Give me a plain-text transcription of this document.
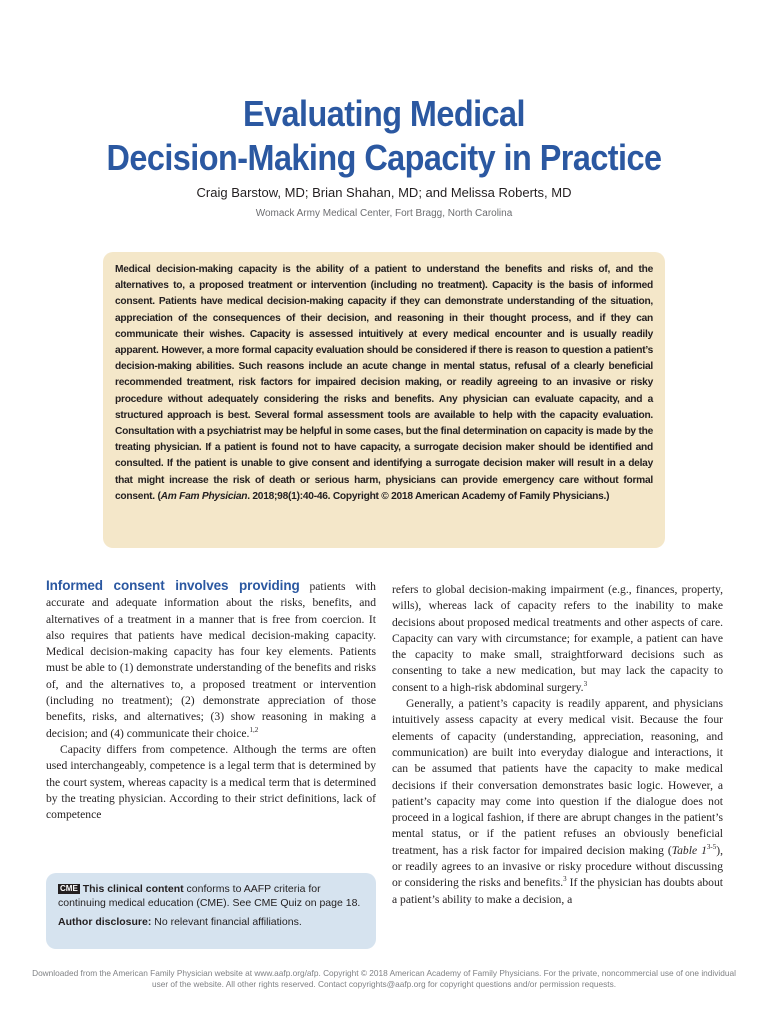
Evaluating Medical
Decision-Making Capacity in Practice
Craig Barstow, MD; Brian Shahan, MD; and Melissa Roberts, MD
Womack Army Medical Center, Fort Bragg, North Carolina

Medical decision-making capacity is the ability of a patient to understand the benefits and risks of, and the alternatives to, a proposed treatment or intervention (including no treatment). Capacity is the basis of informed consent. Patients have medical decision-making capacity if they can demonstrate understanding of the situation, appreciation of the consequences of their decision, and reasoning in their thought process, and if they can communicate their wishes. Capacity is assessed intuitively at every medical encounter and is usually readily apparent. However, a more formal capacity evaluation should be considered if there is reason to question a patient’s decision-making abilities. Such reasons include an acute change in mental status, refusal of a clearly beneficial recommended treatment, risk factors for impaired decision making, or readily agreeing to an invasive or risky procedure without adequately considering the risks and benefits. Any physician can evaluate capacity, and a structured approach is best. Several formal assessment tools are available to help with the capacity evaluation. Consultation with a psychiatrist may be helpful in some cases, but the final determination on capacity is made by the treating physician. If a patient is found not to have capacity, a surrogate decision maker should be identified and consulted. If the patient is unable to give consent and identifying a surrogate decision maker will result in a delay that might increase the risk of death or serious harm, physicians can provide emergency care without formal consent. (Am Fam Physician. 2018;98(1):40-46. Copyright © 2018 American Academy of Family Physicians.)

Informed consent involves providing patients with accurate and adequate information about the risks, benefits, and alternatives of a treatment in a manner that is free from coercion. It also requires that patients have medical decision-making capacity. Medical decision-making capacity has four key elements. Patients must be able to (1) demonstrate understanding of the benefits and risks of, and the alternatives to, a proposed treatment or intervention (including no treatment); (2) demonstrate appreciation of those benefits, risks, and alternatives; (3) show reasoning in making a decision; and (4) communicate their choice.$^{1,2}$

Capacity differs from competence. Although the terms are often used interchangeably, competence is a legal term that is determined by the court system, whereas capacity is a medical term that is determined by the treating physician. According to their strict definitions, lack of competence

refers to global decision-making impairment (e.g., finances, property, wills), whereas lack of capacity refers to the inability to make decisions about proposed medical treatments and other aspects of care. Capacity can vary with circumstance; for example, a patient can have the capacity to make small, straightforward decisions such as consenting to take a new medication, but may lack the capacity to consent to a high-risk abdominal surgery.$^3$

Generally, a patient’s capacity is readily apparent, and physicians intuitively assess capacity at every medical visit. Because the four elements of capacity (understanding, appreciation, reasoning, and communication) are built into everyday dialogue and interactions, it can be assumed that patients have the capacity to make medical decisions if their conversation demonstrates basic logic. However, a patient’s capacity may come into question if the dialogue does not proceed in a logical fashion, if there are abrupt changes in the patient’s mental status, or if the patient refuses an obviously beneficial treatment, has a risk factor for impaired decision making (Table 1$^{3-5}$), or readily agrees to an invasive or risky procedure without discussing or considering the risks and benefits.$^3$ If the physician has doubts about a patient’s ability to make a decision, a

CME This clinical content conforms to AAFP criteria for continuing medical education (CME). See CME Quiz on page 18.

Author disclosure: No relevant financial affiliations.

Downloaded from the American Family Physician website at www.aafp.org/afp. Copyright © 2018 American Academy of Family Physicians. For the private, noncommercial use of one individual user of the website. All other rights reserved. Contact copyrights@aafp.org for copyright questions and/or permission requests.
